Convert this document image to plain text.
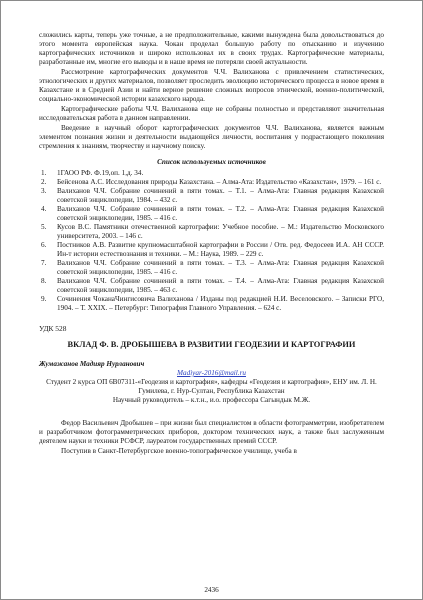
сложились карты, теперь уже точные, а не предположительные, какими вынуждена была довольствоваться до этого момента европейская наука. Чокан проделал большую работу по отысканию и изучению картографических источников и широко использовал их в своих трудах. Картографические материалы, разработанные им, многие его выводы и в наше время не потеряли своей актуальности.

Рассмотрение картографических документов Ч.Ч. Валиханова с привлечением статистических, этнологических и других материалов, позволяет проследить эволюцию исторического процесса в новое время в Казахстане и в Средней Азии и найти верное решение сложных вопросов этнической, военно-политической, социально-экономической истории казахского народа.

Картографические работы Ч.Ч. Валиханова еще не собраны полностью и представляют значительная исследовательская работа в данном направлении.

Введение в научный оборот картографических документов Ч.Ч. Валиханова, является важным элементом познания жизни и деятельности выдающейся личности, воспитания у подрастающего поколения стремления к знаниям, творчеству и научному поиску.

Список используемых источников
1. 1ГАОО РФ. Ф.19,оп. 1,д. 34.
2. Бейсенова А.С. Исследования природы Казахстана. – Алма-Ата: Издательство «Казахстан», 1979. – 161 с.
3. Валиханов Ч.Ч. Собрание сочинений в пяти томах. – Т.1. – Алма-Ата: Главная редакция Казахской советской энциклопедии, 1984. – 432 с.
4. Валиханов Ч.Ч. Собрание сочинений в пяти томах. – Т.2. – Алма-Ата: Главная редакция Казахской советской энциклопедии, 1985. – 416 с.
5. Кусов В.С. Памятники отечественной картографии: Учебное пособие. – М.: Издательство Московского университета, 2003. – 146 с.
6. Постников А.В. Развитие крупномасштабной картографии в России / Отв. ред. Федосеев И.А. АН СССР. Ин-т истории естествознания и техники. – М.: Наука, 1989. – 229 с.
7. Валиханов Ч.Ч. Собрание сочинений в пяти томах. – Т.3. – Алма-Ата: Главная редакция Казахской советской энциклопедии, 1985. – 416 с.
8. Валиханов Ч.Ч. Собрание сочинений в пяти томах. – Т.4. – Алма-Ата: Главная редакция Казахской советской энциклопедии, 1985. – 463 с.
9. Сочинения ЧоканаЧингисовича Валиханова / Изданы под редакцией Н.И. Веселовского. – Записки РГО, 1904. – Т. XXIX. – Петербург: Типография Главного Управления. – 624 с.
УДК 528
ВКЛАД Ф. В. ДРОБЫШЕВА В РАЗВИТИИ ГЕОДЕЗИИ И КАРТОГРАФИИ
Жумажанов Мадияр Нурланович
Madiyar-2016@mail.ru

Студент 2 курса ОП 6В07311-«Геодезия и картография», кафедры «Геодезия и картография», ЕНУ им. Л. Н. Гумилева, г. Нур-Султан, Республика Казахстан

Научный руководитель – к.т.н., и.о. профессора Сагындык М.Ж.

Федор Васильевич Дробышев – при жизни был специалистом в области фотограмметрии, изобретателем и разработчиком фотограмметрических приборов, доктором технических наук, а также был заслуженным деятелем науки и техники РСФСР, лауреатом государственных премий СССР.

Поступив в Санкт-Петербургское военно-топографическое училище, учеба в

2436
